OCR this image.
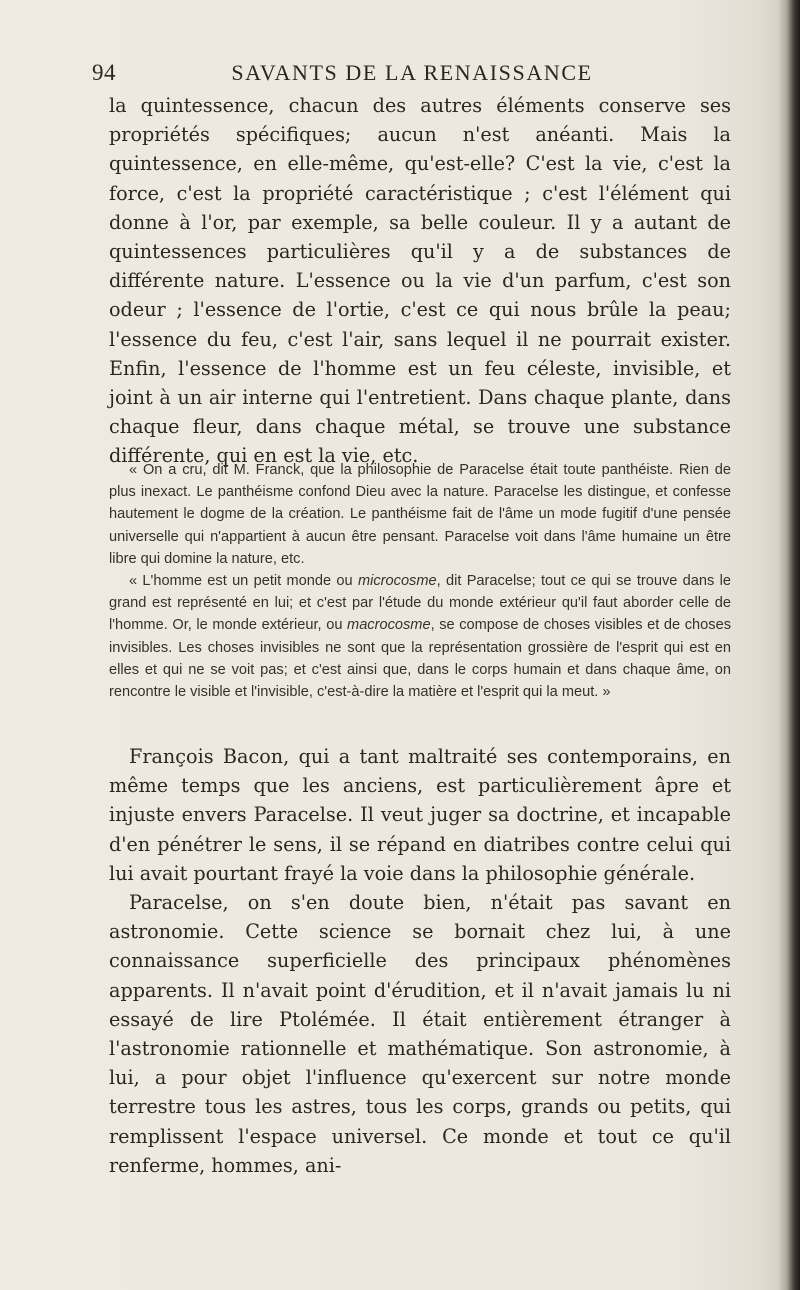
94	SAVANTS DE LA RENAISSANCE

la quintessence, chacun des autres éléments conserve ses propriétés spécifiques; aucun n'est anéanti. Mais la quintessence, en elle-même, qu'est-elle? C'est la vie, c'est la force, c'est la propriété caractéristique ; c'est l'élément qui donne à l'or, par exemple, sa belle couleur. Il y a autant de quintessences particulières qu'il y a de substances de différente nature. L'essence ou la vie d'un parfum, c'est son odeur ; l'essence de l'ortie, c'est ce qui nous brûle la peau; l'essence du feu, c'est l'air, sans lequel il ne pourrait exister. Enfin, l'essence de l'homme est un feu céleste, invisible, et joint à un air interne qui l'entretient. Dans chaque plante, dans chaque fleur, dans chaque métal, se trouve une substance différente, qui en est la vie, etc.

« On a cru, dit M. Franck, que la philosophie de Paracelse était toute panthéiste. Rien de plus inexact. Le panthéisme confond Dieu avec la nature. Paracelse les distingue, et confesse hautement le dogme de la création. Le panthéisme fait de l'âme un mode fugitif d'une pensée universelle qui n'appartient à aucun être pensant. Paracelse voit dans l'âme humaine un être libre qui domine la nature, etc.

« L'homme est un petit monde ou microcosme, dit Paracelse; tout ce qui se trouve dans le grand est représenté en lui; et c'est par l'étude du monde extérieur qu'il faut aborder celle de l'homme. Or, le monde extérieur, ou macrocosme, se compose de choses visibles et de choses invisibles. Les choses invisibles ne sont que la représentation grossière de l'esprit qui est en elles et qui ne se voit pas; et c'est ainsi que, dans le corps humain et dans chaque âme, on rencontre le visible et l'invisible, c'est-à-dire la matière et l'esprit qui la meut. »

François Bacon, qui a tant maltraité ses contemporains, en même temps que les anciens, est particulièrement âpre et injuste envers Paracelse. Il veut juger sa doctrine, et incapable d'en pénétrer le sens, il se répand en diatribes contre celui qui lui avait pourtant frayé la voie dans la philosophie générale.

Paracelse, on s'en doute bien, n'était pas savant en astronomie. Cette science se bornait chez lui, à une connaissance superficielle des principaux phénomènes apparents. Il n'avait point d'érudition, et il n'avait jamais lu ni essayé de lire Ptolémée. Il était entièrement étranger à l'astronomie rationnelle et mathématique. Son astronomie, à lui, a pour objet l'influence qu'exercent sur notre monde terrestre tous les astres, tous les corps, grands ou petits, qui remplissent l'espace universel. Ce monde et tout ce qu'il renferme, hommes, ani-
